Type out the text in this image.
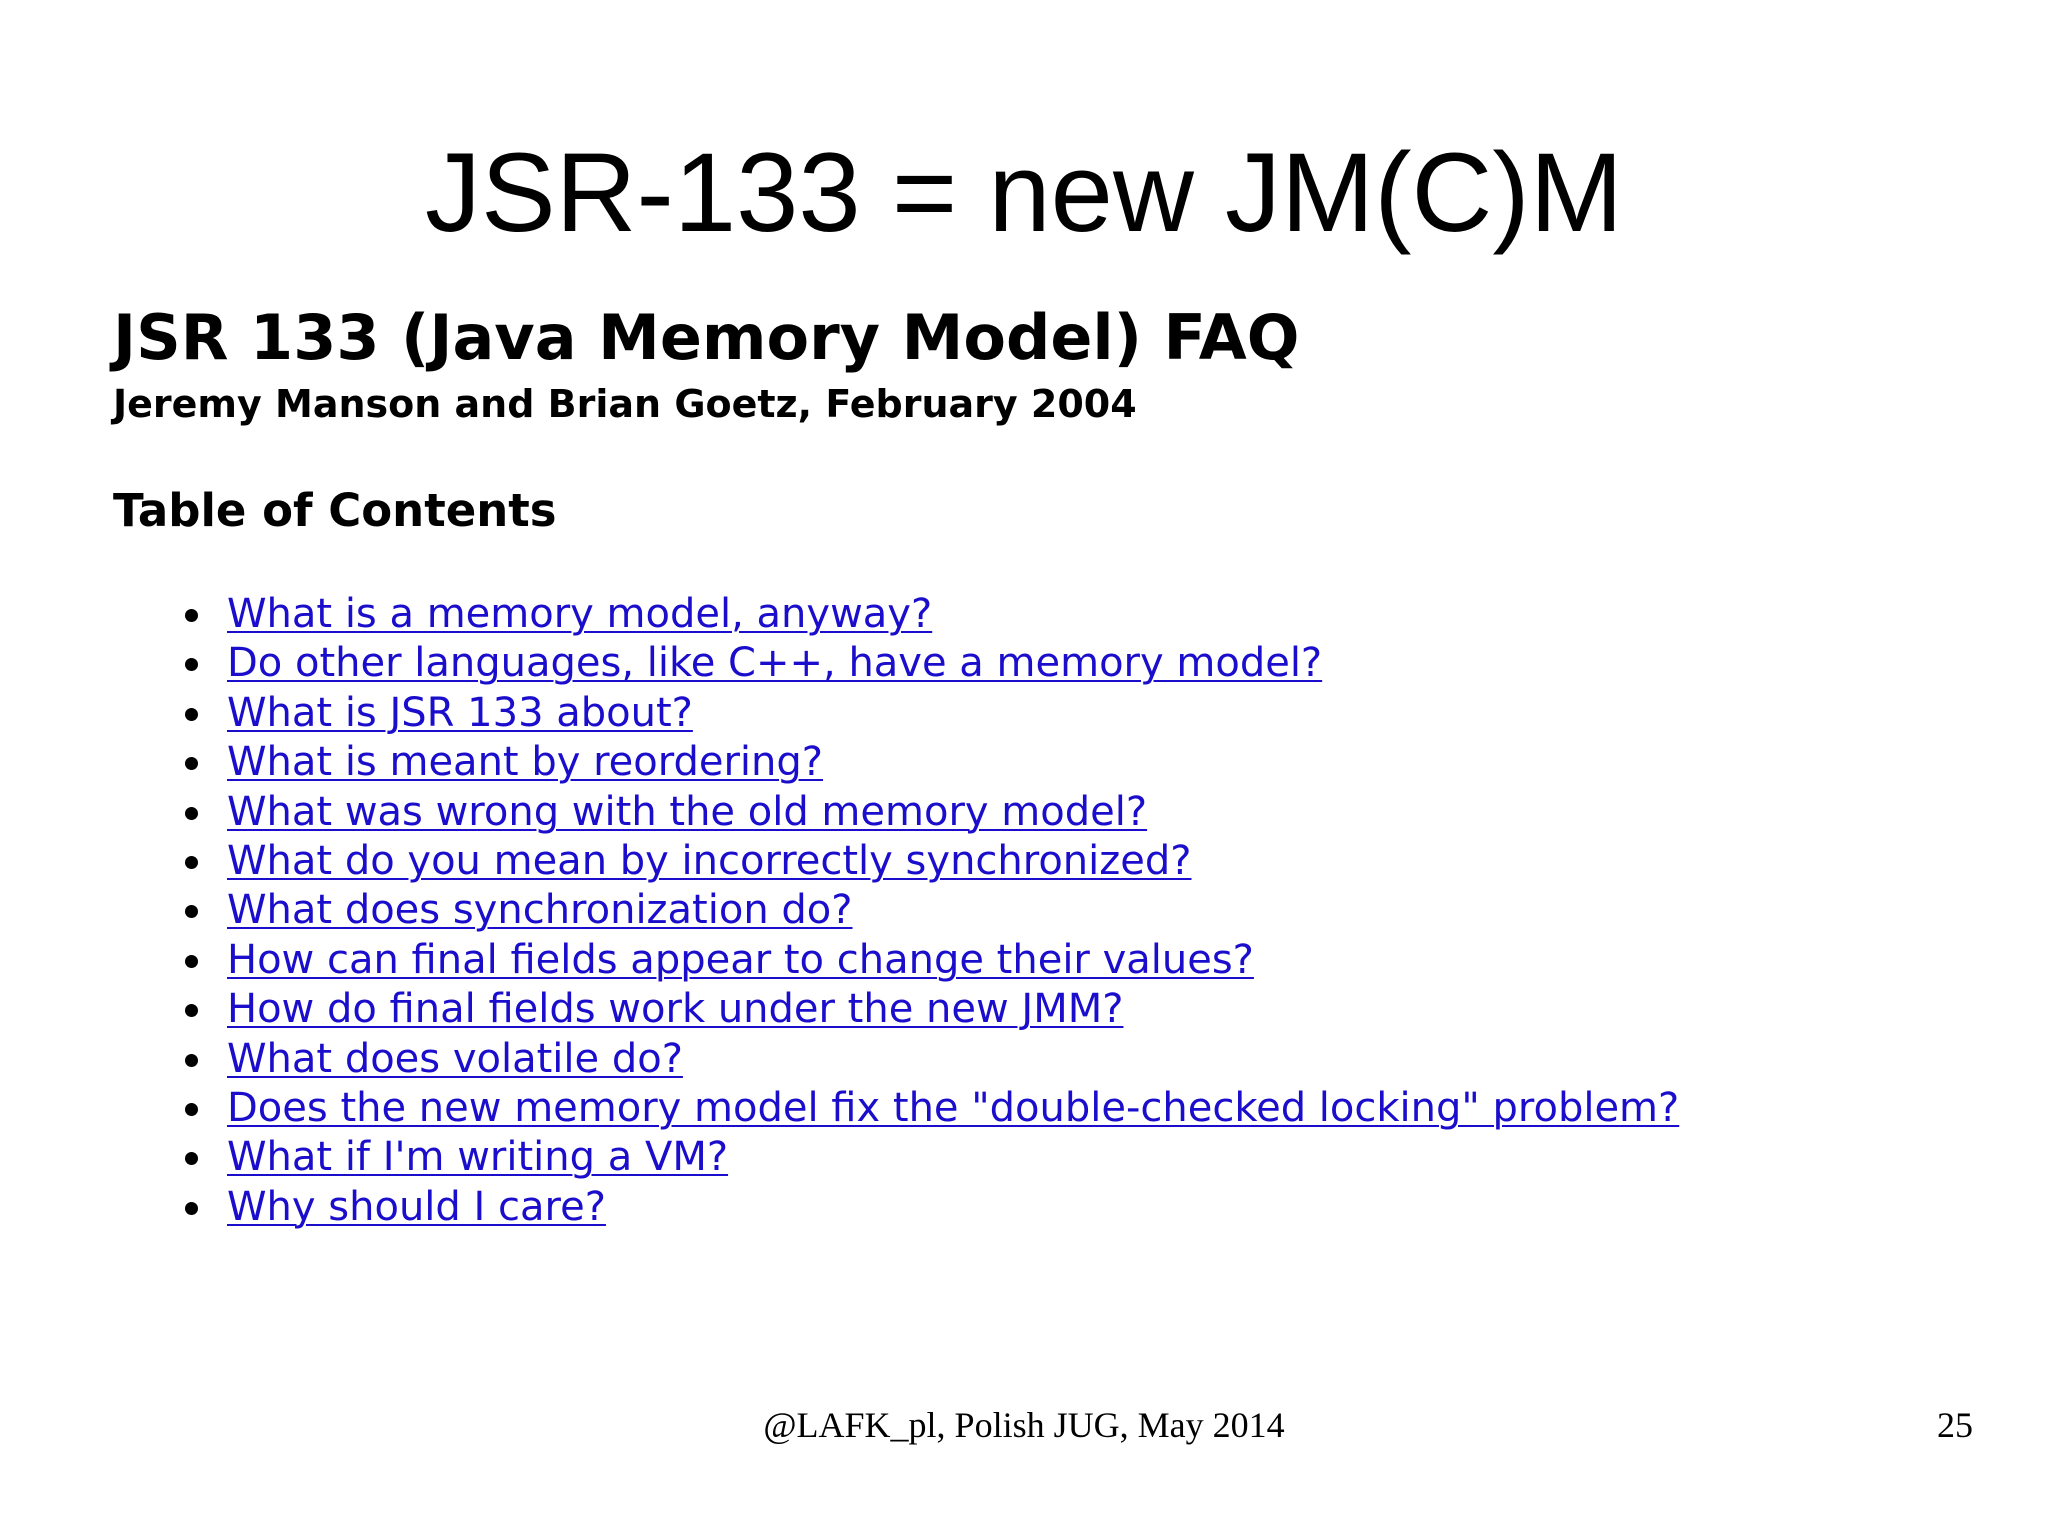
JSR-133 = new JM(C)M
JSR 133 (Java Memory Model) FAQ
Jeremy Manson and Brian Goetz, February 2004
Table of Contents
What is a memory model, anyway?
Do other languages, like C++, have a memory model?
What is JSR 133 about?
What is meant by reordering?
What was wrong with the old memory model?
What do you mean by incorrectly synchronized?
What does synchronization do?
How can final fields appear to change their values?
How do final fields work under the new JMM?
What does volatile do?
Does the new memory model fix the "double-checked locking" problem?
What if I'm writing a VM?
Why should I care?
@LAFK_pl, Polish JUG, May 2014	25
